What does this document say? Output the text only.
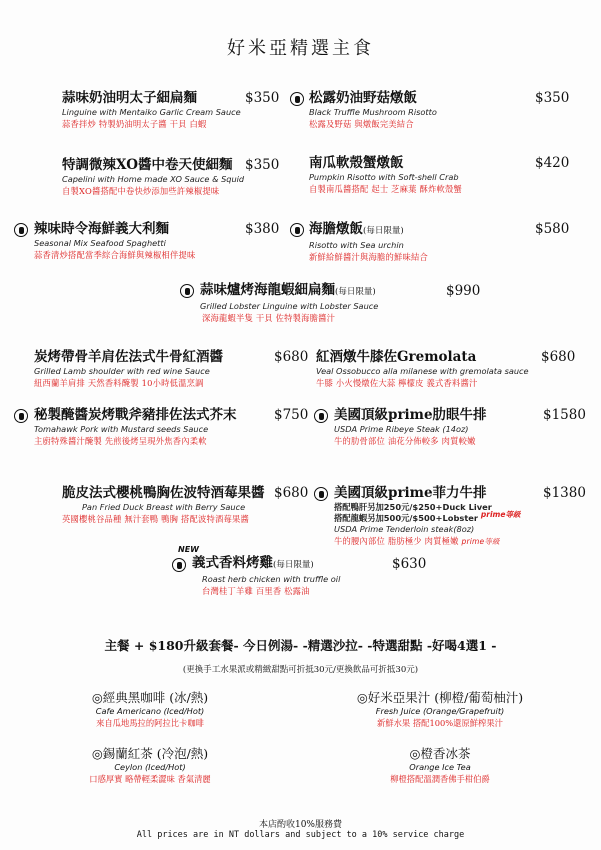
好米亞精選主食
蒜味奶油明太子細扁麵
Linguine with Mentaiko Garlic Cream Sauce
蒜香拌炒 特製奶油明太子醬 干貝 白蝦
$350 松露奶油野菇燉飯
Black Truffle Mushroom Risotto
松露及野菇 與燉飯完美結合
$350
特調微辣XO醬中卷天使細麵
Capelini with Home made XO Sauce & Squid
自製XO醬搭配中卷快炒添加些許辣椒提味
$350 南瓜軟殼蟹燉飯
Pumpkin Risotto with Soft-shell Crab
自製南瓜醬搭配 起士 芝麻葉 酥炸軟殼蟹
$420
辣味時令海鮮義大利麵
Seasonal Mix Seafood Spaghetti
蒜香清炒搭配當季綜合海鮮與辣椒相伴提味
$380 海膽燉飯(每日限量)
Risotto with Sea urchin
新鮮給鮮醬汁與海膽的鮮味結合
$580
蒜味爐烤海龍蝦細扁麵(每日限量)
Grilled Lobster Linguine with Lobster Sauce
深海龍蝦半隻 干貝 佐特製海膽醬汁
$990
炭烤帶骨羊肩佐法式牛骨紅酒醬
Grilled Lamb shoulder with red wine Sauce
紐西蘭羊肩排 天然香料醃製 10小時低溫烹調
$680 紅酒燉牛膝佐Gremolata
Veal Ossobucco alla milanese with gremolata sauce
牛膝 小火慢燉佐大蒜 檸檬皮 義式香料醬汁
$680
秘製醃醬炭烤戰斧豬排佐法式芥末
Tomahawk Pork with Mustard seeds Sauce
主廚特殊醬汁醃製 先煎後烤呈現外焦香內柔軟
$750 美國頂級prime肋眼牛排
USDA Prime Ribeye Steak (14oz)
牛的肋骨部位 油花分佈較多 肉質較嫩
$1580
脆皮法式櫻桃鴨胸佐波特酒莓果醬
Pan Fried Duck Breast with Berry Sauce
英國櫻桃谷品種 無汁套鴨 鴨胸 搭配波特酒莓果醬
$680 美國頂級prime菲力牛排
搭配鴨肝另加250元/$250+Duck Liver
搭配龍蝦另加500元/$500+Lobster prime等級
USDA Prime Tenderloin steak(8oz)
牛的腰內部位 脂肪極少 肉質極嫩 prime等級
$1380
NEW
義式香料烤雞(每日限量)
Roast herb chicken with truffle oil
台灣桂丁羊雞 百里香 松露油
$630
主餐 + $180升級套餐- 今日例湯- -精選沙拉- -特選甜點 -好喝4選1 -
(更換手工水果派或精緻甜點可折抵30元/更換飲品可折抵30元)
◎經典黑咖啡 (冰/熱)
Cafe Americano (Iced/Hot)
來自瓜地馬拉的阿拉比卡咖啡
◎好米亞果汁 (柳橙/葡萄柚汁)
Fresh Juice (Orange/Grapefruit)
新鮮水果 搭配100%還原鮮榨果汁
◎錫蘭紅茶 (冷泡/熱)
Ceylon (Iced/Hot)
口感厚實 略帶輕柔澀味 香氣清麗
◎橙香冰茶
Orange Ice Tea
柳橙搭配溫潤香佛手柑伯爵
本店酌收10%服務費
All prices are in NT dollars and subject to a 10% service charge
